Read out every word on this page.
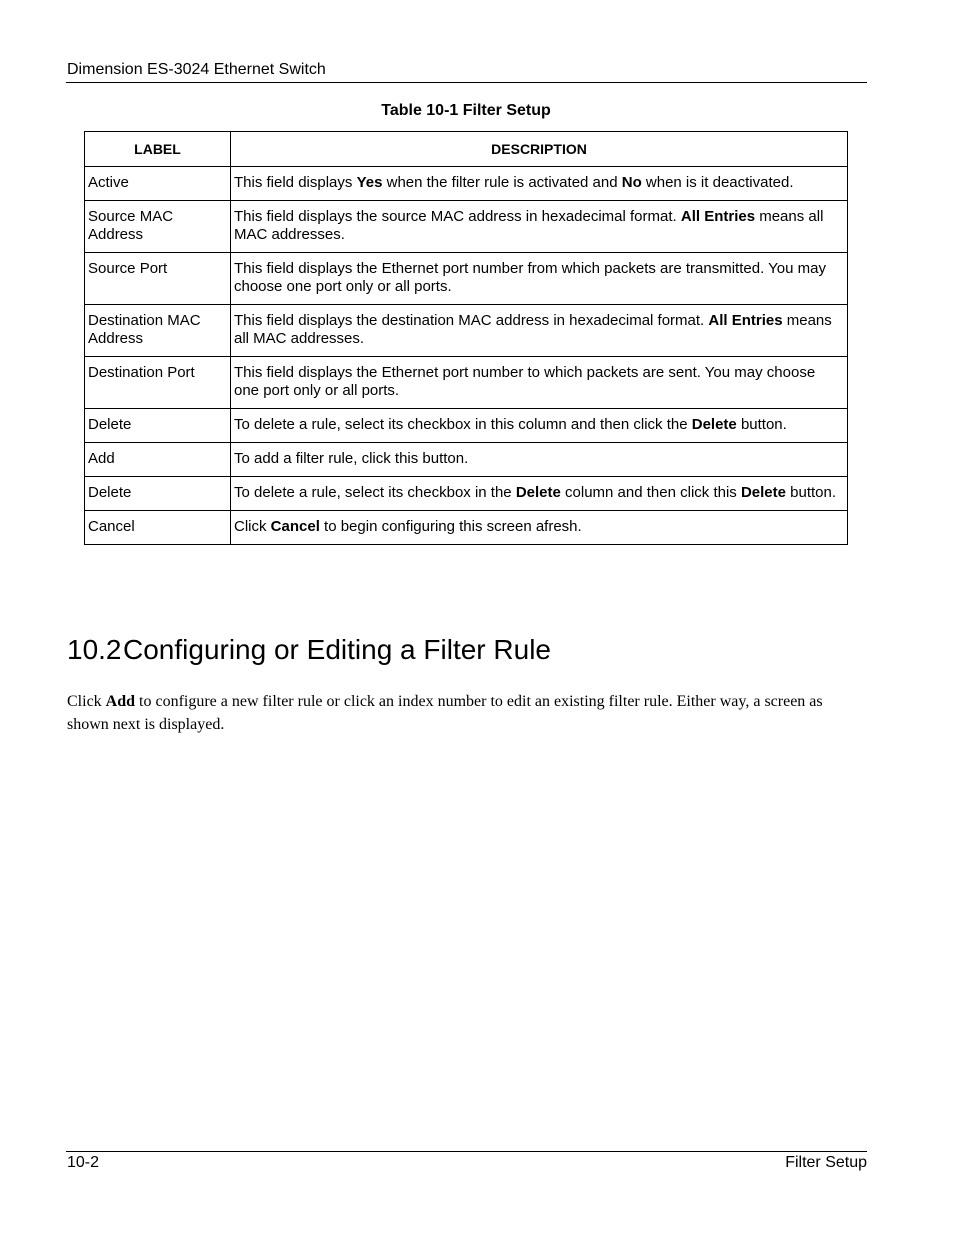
Dimension ES-3024 Ethernet Switch
Table 10-1 Filter Setup
LABEL	DESCRIPTION
Active	This field displays Yes when the filter rule is activated and No when is it deactivated.
Source MAC Address	This field displays the source MAC address in hexadecimal format. All Entries means all MAC addresses.
Source Port	This field displays the Ethernet port number from which packets are transmitted. You may choose one port only or all ports.
Destination MAC Address	This field displays the destination MAC address in hexadecimal format. All Entries means all MAC addresses.
Destination Port	This field displays the Ethernet port number to which packets are sent. You may choose one port only or all ports.
Delete	To delete a rule, select its checkbox in this column and then click the Delete button.
Add	To add a filter rule, click this button.
Delete	To delete a rule, select its checkbox in the Delete column and then click this Delete button.
Cancel	Click Cancel to begin configuring this screen afresh.
10.2Configuring or Editing a Filter Rule
Click Add to configure a new filter rule or click an index number to edit an existing filter rule. Either way, a screen as shown next is displayed.
10-2	Filter Setup
